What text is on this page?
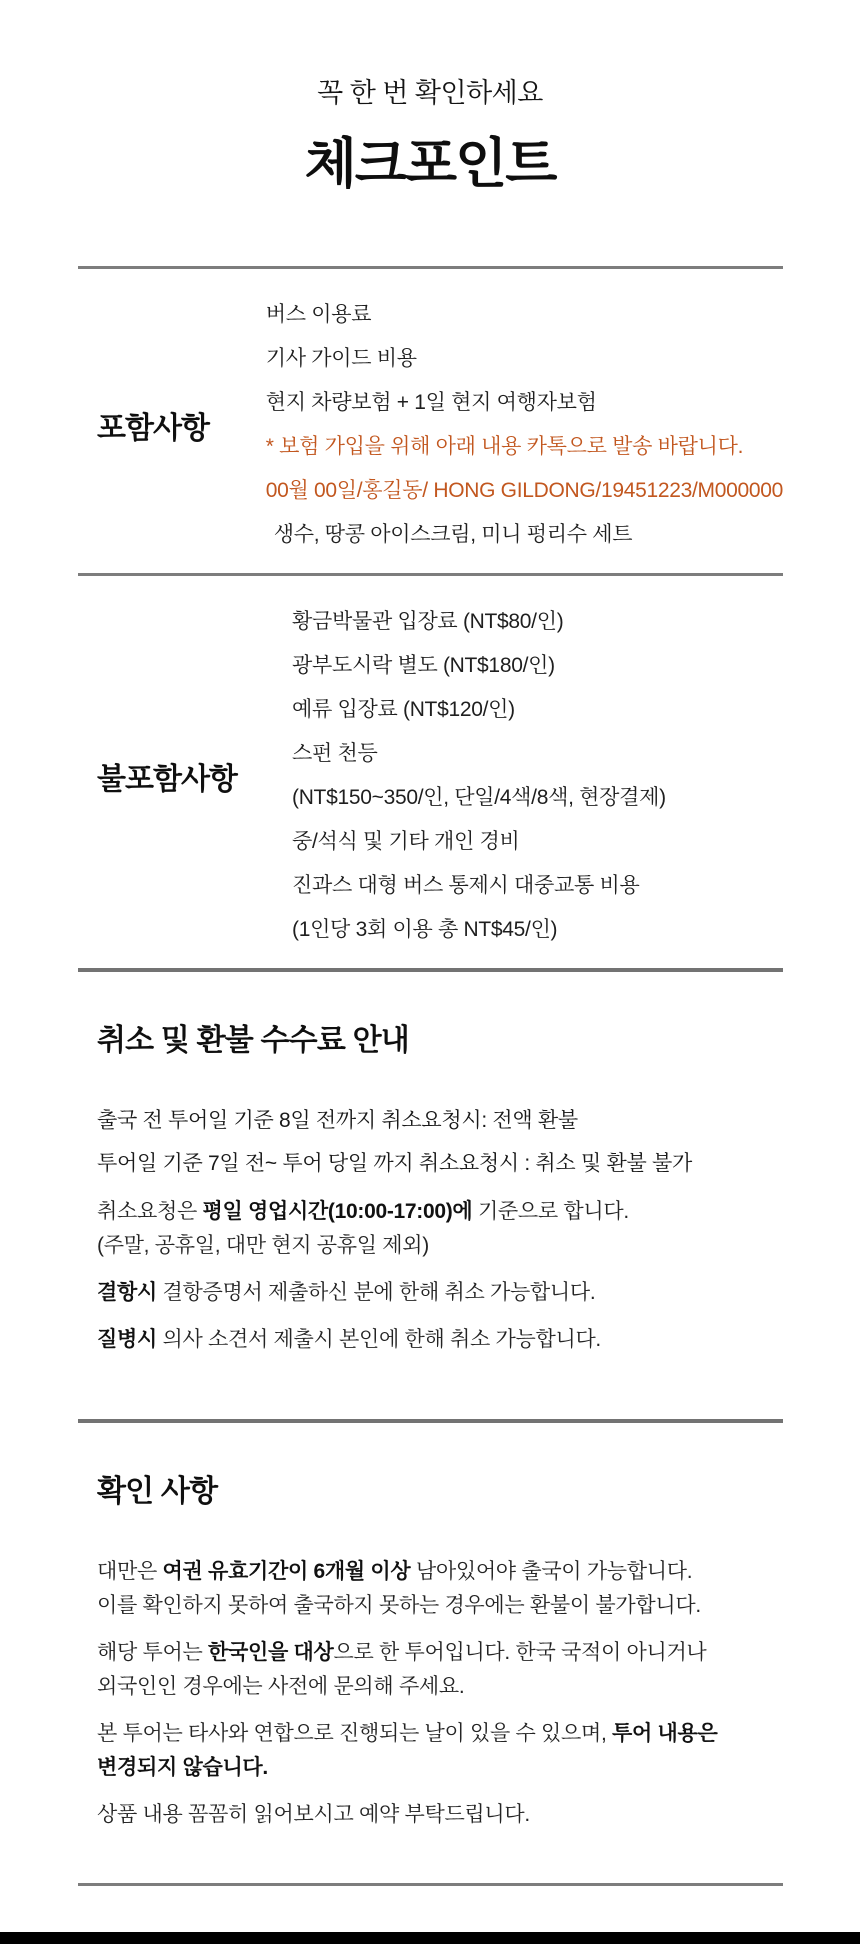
꼭 한 번 확인하세요
체크포인트
포함사항
버스 이용료
기사 가이드 비용
현지 차량보험 + 1일 현지 여행자보험
* 보험 가입을 위해 아래 내용 카톡으로 발송 바랍니다.
00월 00일/홍길동/ HONG GILDONG/19451223/M000000
생수, 땅콩 아이스크림, 미니 펑리수 세트
불포함사항
황금박물관 입장료 (NT$80/인)
광부도시락 별도 (NT$180/인)
예류 입장료 (NT$120/인)
스펀 천등
(NT$150~350/인, 단일/4색/8색, 현장결제)
중/석식 및 기타 개인 경비
진과스 대형 버스 통제시 대중교통 비용
(1인당 3회 이용 총 NT$45/인)
취소 및 환불 수수료 안내

출국 전 투어일 기준 8일 전까지 취소요청시: 전액 환불

투어일 기준 7일 전~ 투어 당일 까지 취소요청시 : 취소 및 환불 불가

취소요청은 평일 영업시간(10:00-17:00)에 기준으로 합니다.
(주말, 공휴일, 대만 현지 공휴일 제외)

결항시 결항증명서 제출하신 분에 한해 취소 가능합니다.

질병시 의사 소견서 제출시 본인에 한해 취소 가능합니다.

확인 사항

대만은 여권 유효기간이 6개월 이상 남아있어야 출국이 가능합니다.
이를 확인하지 못하여 출국하지 못하는 경우에는 환불이 불가합니다.

해당 투어는 한국인을 대상으로 한 투어입니다. 한국 국적이 아니거나
외국인인 경우에는 사전에 문의해 주세요.

본 투어는 타사와 연합으로 진행되는 날이 있을 수 있으며, 투어 내용은
변경되지 않습니다.

상품 내용 꼼꼼히 읽어보시고 예약 부탁드립니다.
